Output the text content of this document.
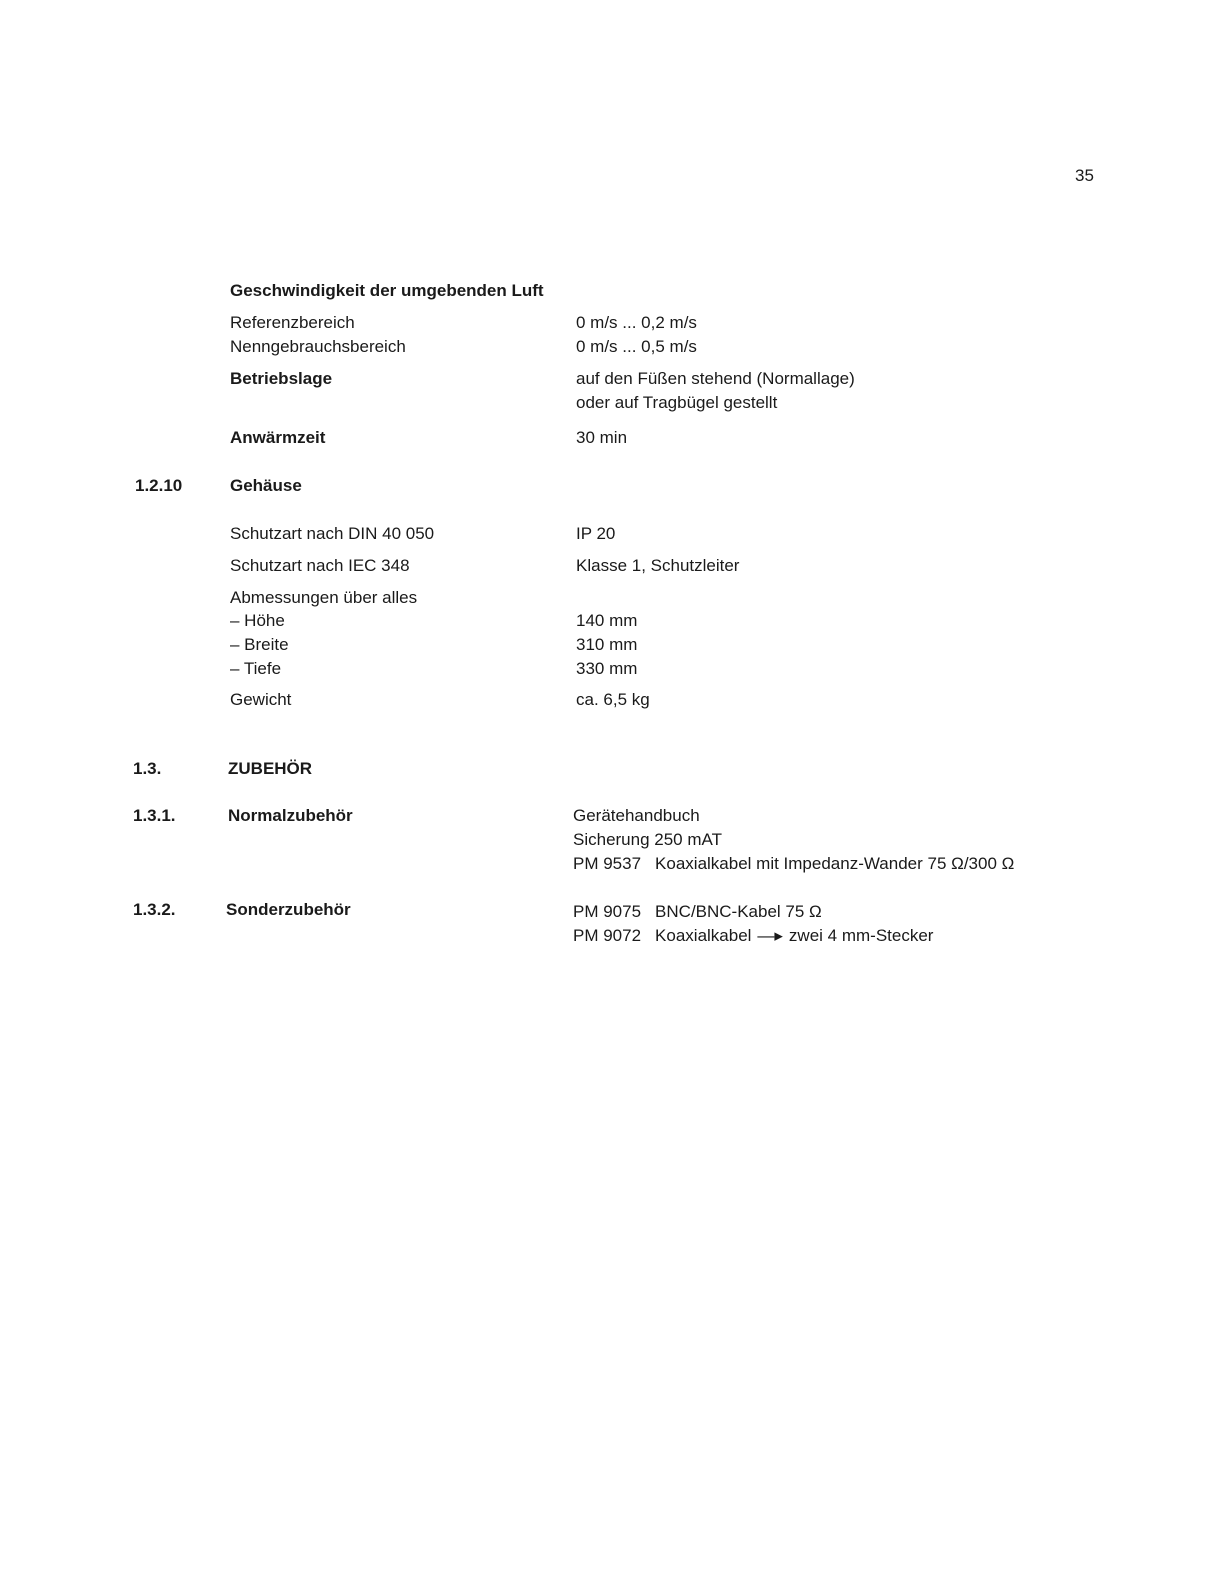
35
Geschwindigkeit der umgebenden Luft
Referenzbereich	0 m/s ... 0,2 m/s
Nenngebrauchsbereich	0 m/s ... 0,5 m/s
Betriebslage	auf den Füßen stehend (Normallage)
oder auf Tragbügel gestellt
Anwärmzeit	30 min
1.2.10	Gehäuse
Schutzart nach DIN 40 050	IP 20
Schutzart nach IEC 348	Klasse 1, Schutzleiter
Abmessungen über alles
– Höhe	140 mm
– Breite	310 mm
– Tiefe	330 mm
Gewicht	ca. 6,5 kg
1.3.	ZUBEHÖR
1.3.1.	Normalzubehör	Gerätehandbuch
Sicherung 250 mAT
PM 9537 Koaxialkabel mit Impedanz-Wander 75 Ω/300 Ω
1.3.2.	Sonderzubehör	PM 9075 BNC/BNC-Kabel 75 Ω
PM 9072 Koaxialkabel —▸ zwei 4 mm-Stecker
